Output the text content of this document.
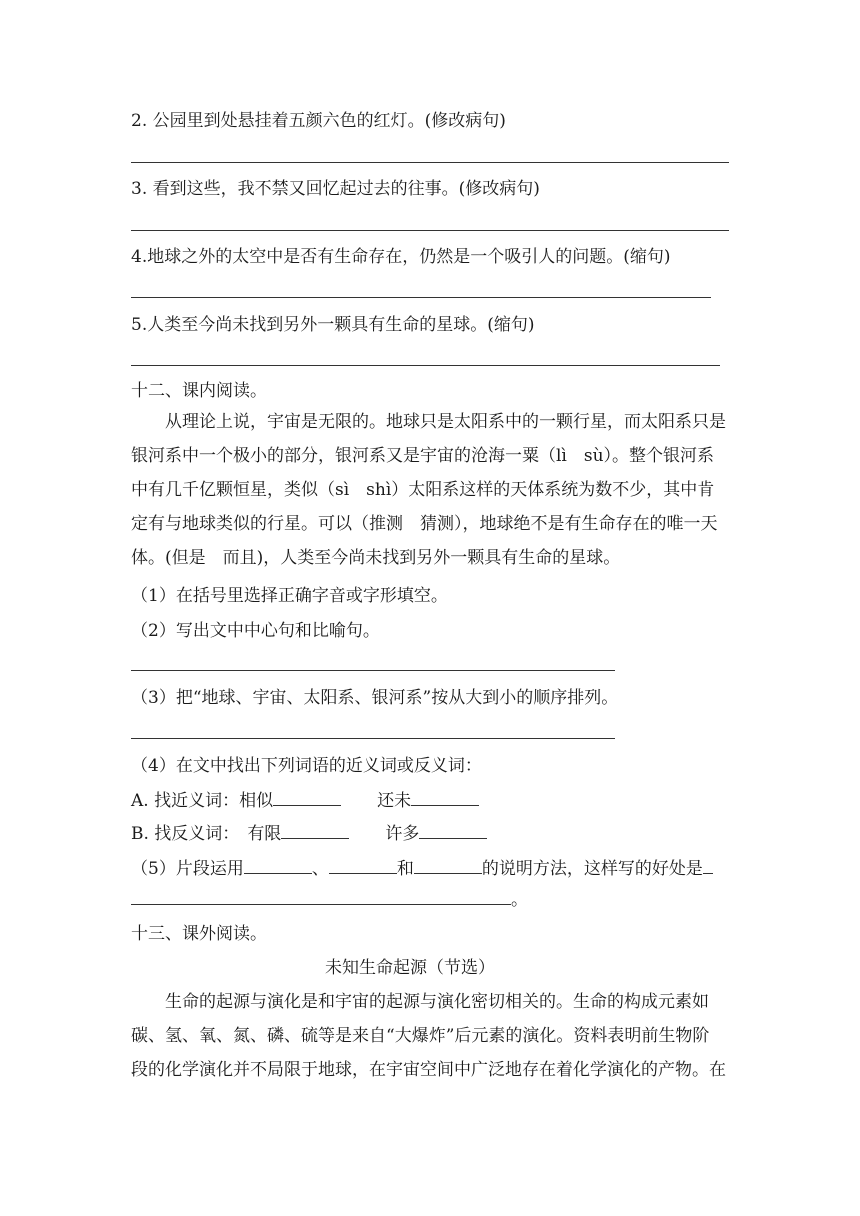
2. 公园里到处悬挂着五颜六色的红灯。(修改病句)
3. 看到这些，我不禁又回忆起过去的往事。(修改病句)
4.地球之外的太空中是否有生命存在，仍然是一个吸引人的问题。(缩句)
5.人类至今尚未找到另外一颗具有生命的星球。(缩句)
十二、课内阅读。
从理论上说，宇宙是无限的。地球只是太阳系中的一颗行星，而太阳系只是
银河系中一个极小的部分，银河系又是宇宙的沧海一粟（lì　sù）。整个银河系
中有几千亿颗恒星，类似（sì　shì）太阳系这样的天体系统为数不少，其中肯
定有与地球类似的行星。可以（推测　猜测），地球绝不是有生命存在的唯一天
体。(但是　而且)，人类至今尚未找到另外一颗具有生命的星球。
（1）在括号里选择正确字音或字形填空。
（2）写出文中中心句和比喻句。
（3）把“地球、宇宙、太阳系、银河系”按从大到小的顺序排列。
（4）在文中找出下列词语的近义词或反义词：
A. 找近义词：相似	还未
B. 找反义词： 有限	许多
（5）片段运用	、	和	的说明方法，这样写的好处是
。
十三、课外阅读。
未知生命起源（节选）
生命的起源与演化是和宇宙的起源与演化密切相关的。生命的构成元素如
碳、氢、氧、氮、磷、硫等是来自“大爆炸”后元素的演化。资料表明前生物阶
段的化学演化并不局限于地球，在宇宙空间中广泛地存在着化学演化的产物。在
